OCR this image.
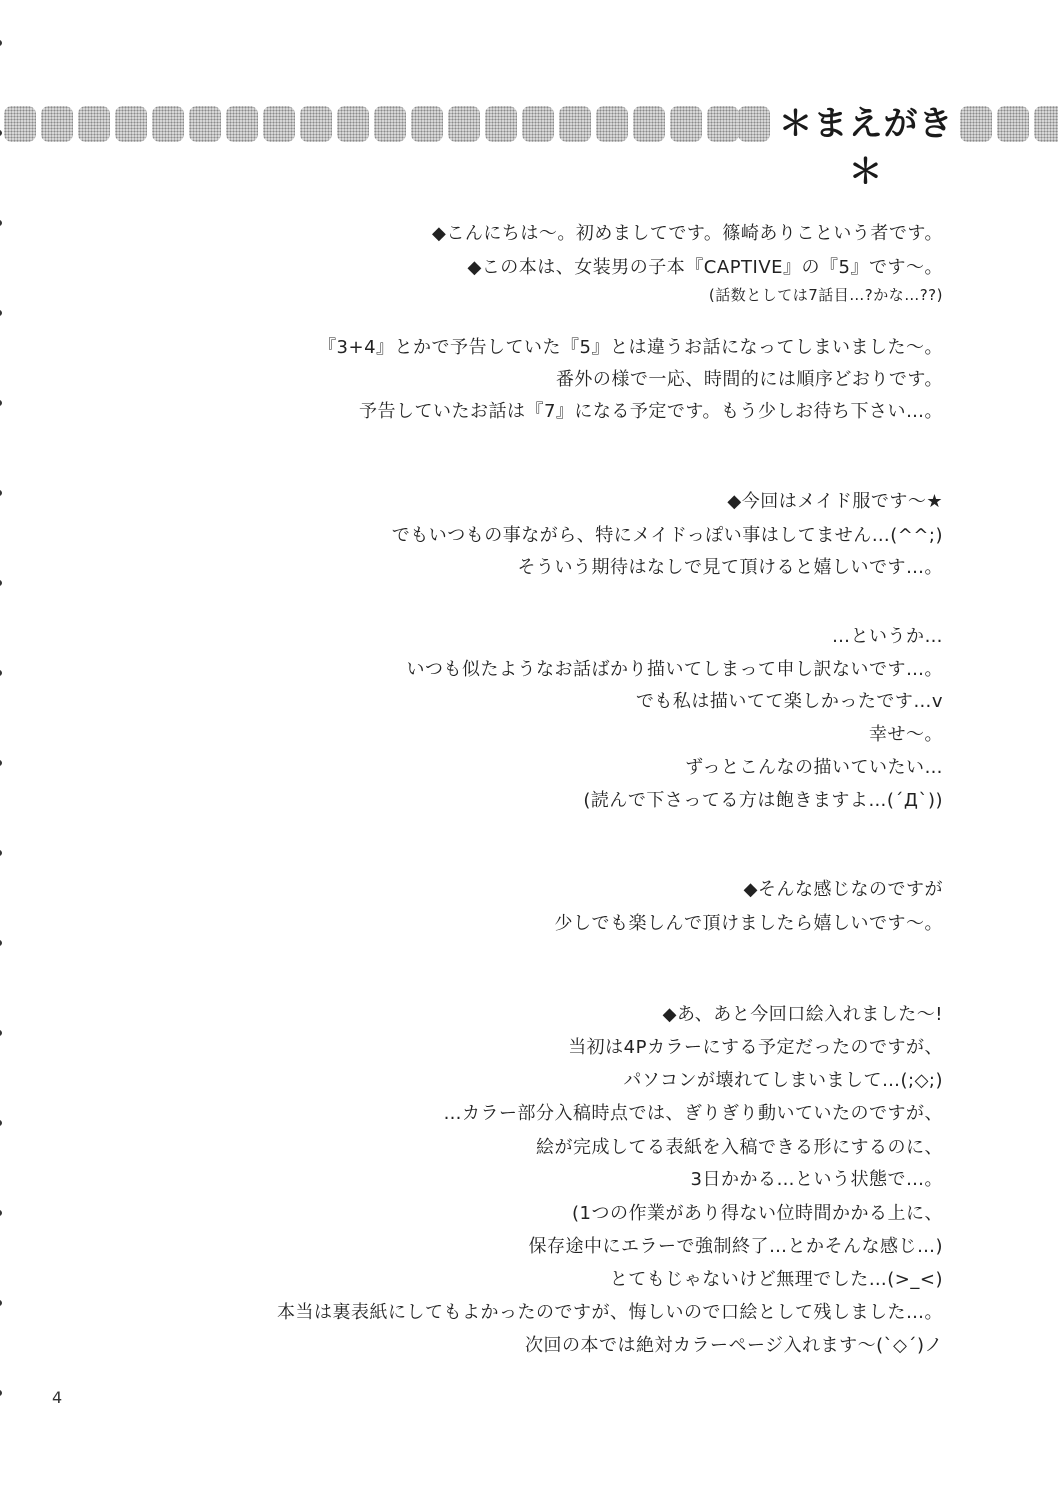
＊まえがき＊
◆こんにちは～。初めましてです。篠崎ありこという者です。
◆この本は、女装男の子本『CAPTIVE』の『5』です～。
(話数としては7話目…?かな…??)
『3+4』とかで予告していた『5』とは違うお話になってしまいました～。
番外の様で一応、時間的には順序どおりです。
予告していたお話は『7』になる予定です。もう少しお待ち下さい…。
◆今回はメイド服です～★
でもいつもの事ながら、特にメイドっぽい事はしてません…(^^;)
そういう期待はなしで見て頂けると嬉しいです…。
…というか…
いつも似たようなお話ばかり描いてしまって申し訳ないです…。
でも私は描いてて楽しかったです…v
幸せ～。
ずっとこんなの描いていたい…
(読んで下さってる方は飽きますよ…(´Д`))
◆そんな感じなのですが
少しでも楽しんで頂けましたら嬉しいです～。
◆あ、あと今回口絵入れました～!
当初は4Pカラーにする予定だったのですが、
パソコンが壊れてしまいまして…(;◇;)
…カラー部分入稿時点では、ぎりぎり動いていたのですが、
絵が完成してる表紙を入稿できる形にするのに、
3日かかる…という状態で…。
(1つの作業があり得ない位時間かかる上に、
保存途中にエラーで強制終了…とかそんな感じ…)
とてもじゃないけど無理でした…(>_<)
本当は裏表紙にしてもよかったのですが、悔しいので口絵として残しました…。
次回の本では絶対カラーページ入れます～(`◇´)ノ
4
